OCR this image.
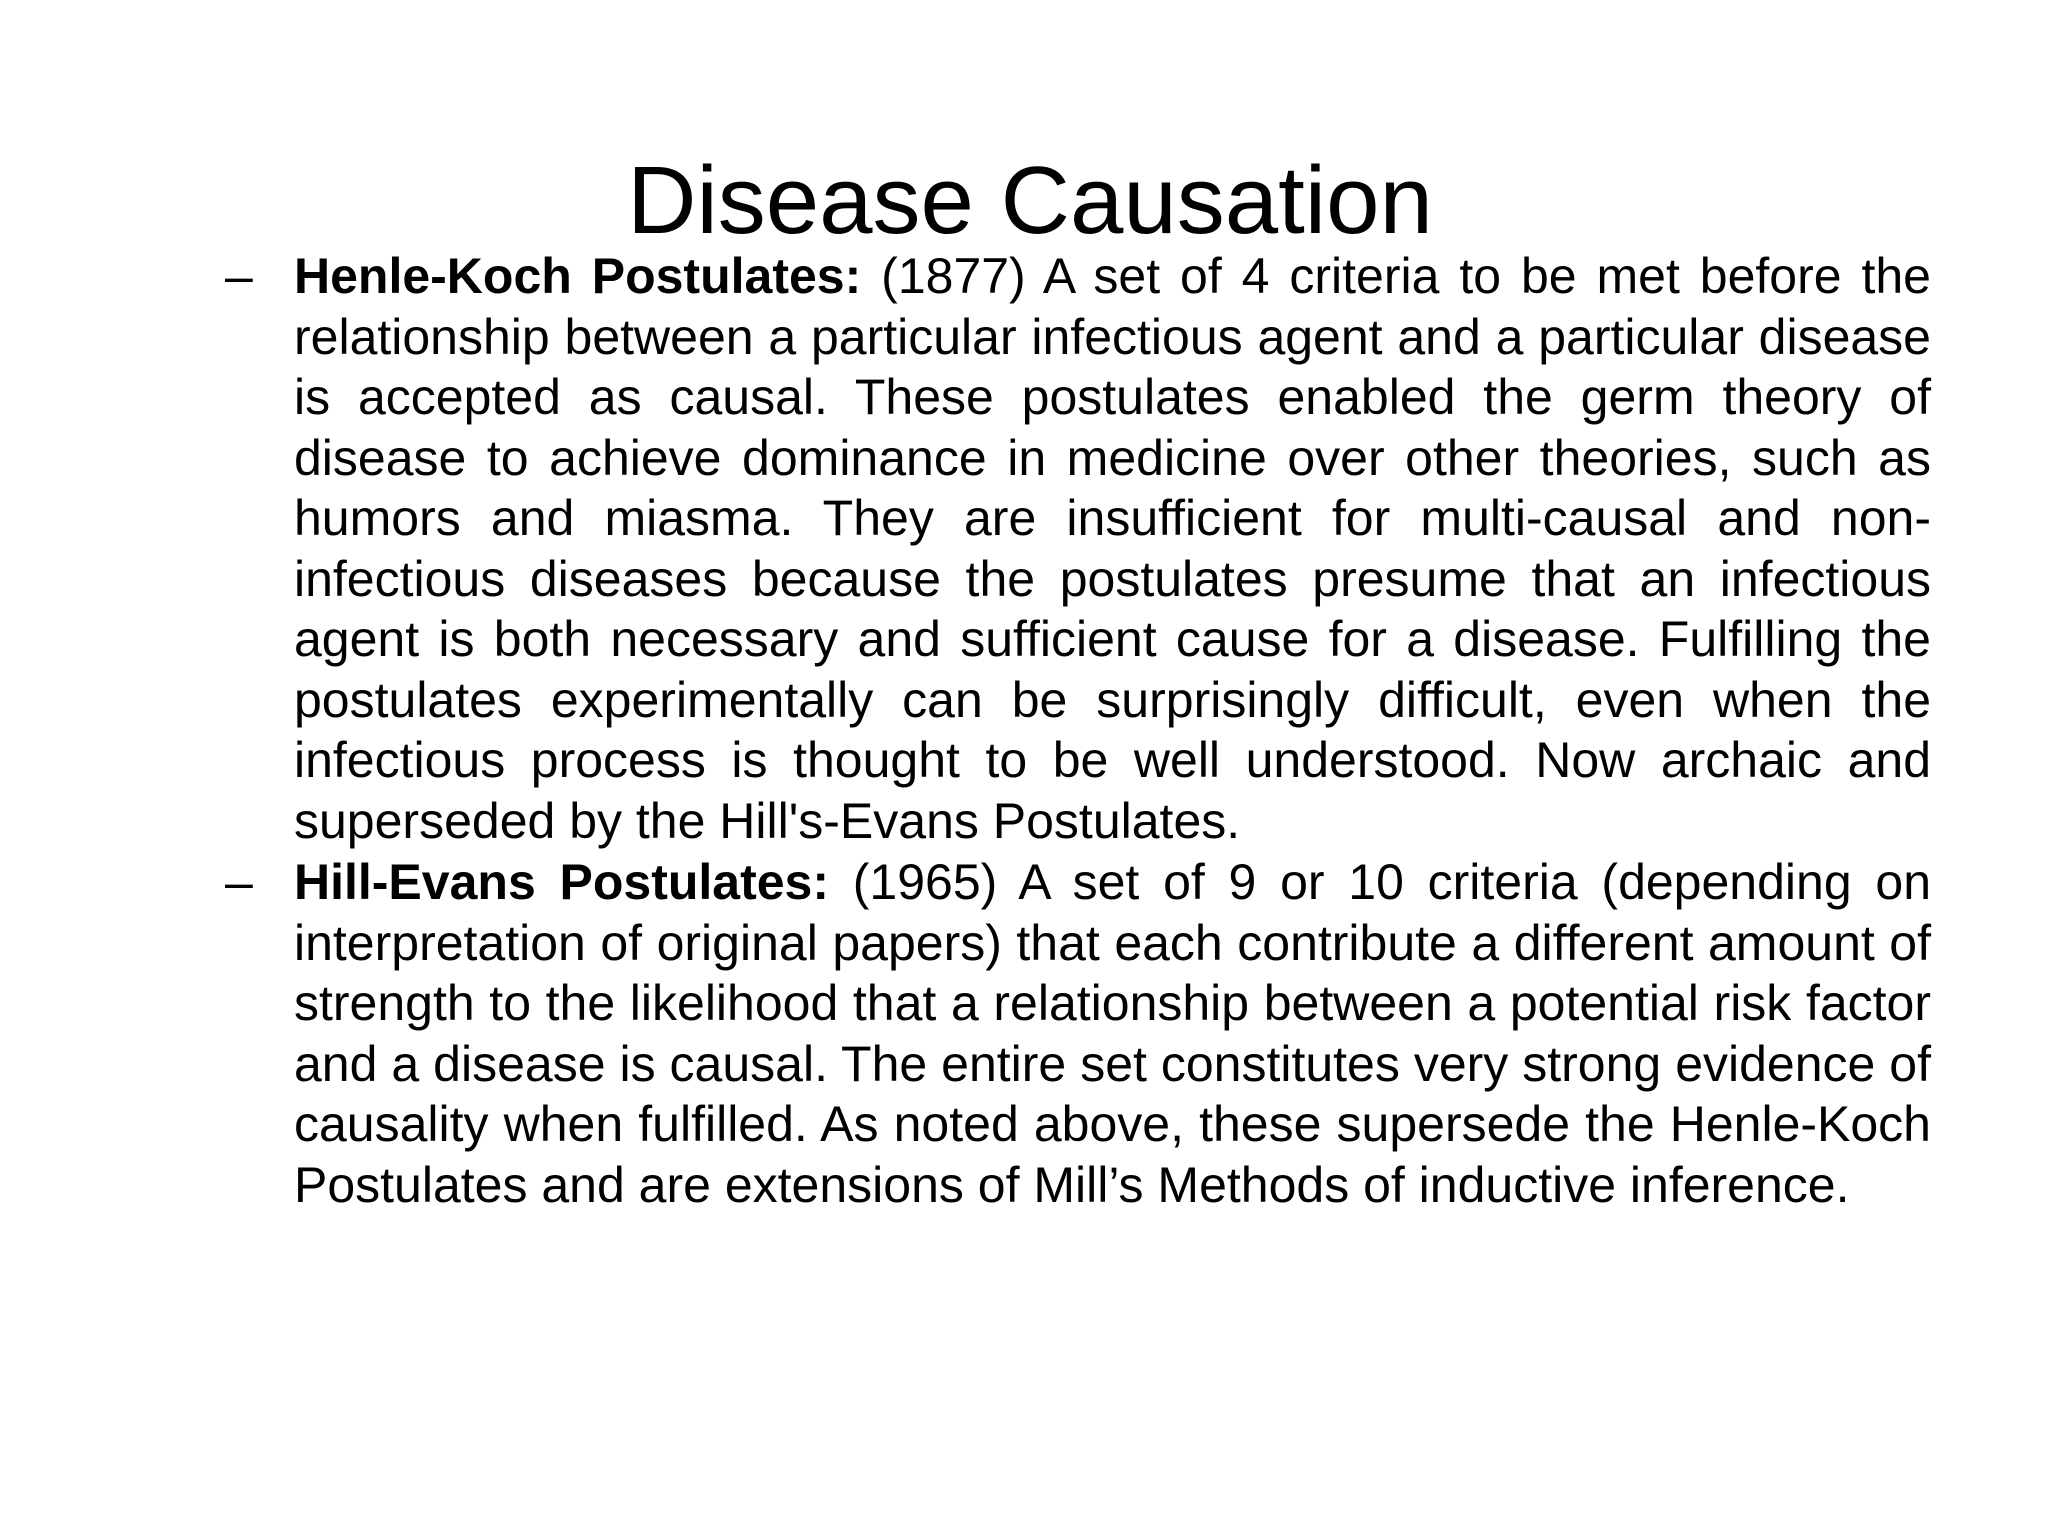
Disease Causation
– Henle-Koch Postulates: (1877) A set of 4 criteria to be met before the relationship between a particular infectious agent and a particular disease is accepted as causal. These postulates enabled the germ theory of disease to achieve dominance in medicine over other theories, such as humors and miasma. They are insufficient for multi-causal and non-infectious diseases because the postulates presume that an infectious agent is both necessary and sufficient cause for a disease. Fulfilling the postulates experimentally can be surprisingly difficult, even when the infectious process is thought to be well understood. Now archaic and superseded by the Hill's-Evans Postulates.
– Hill-Evans Postulates: (1965) A set of 9 or 10 criteria (depending on interpretation of original papers) that each contribute a different amount of strength to the likelihood that a relationship between a potential risk factor and a disease is causal. The entire set constitutes very strong evidence of causality when fulfilled. As noted above, these supersede the Henle-Koch Postulates and are extensions of Mill’s Methods of inductive inference.
